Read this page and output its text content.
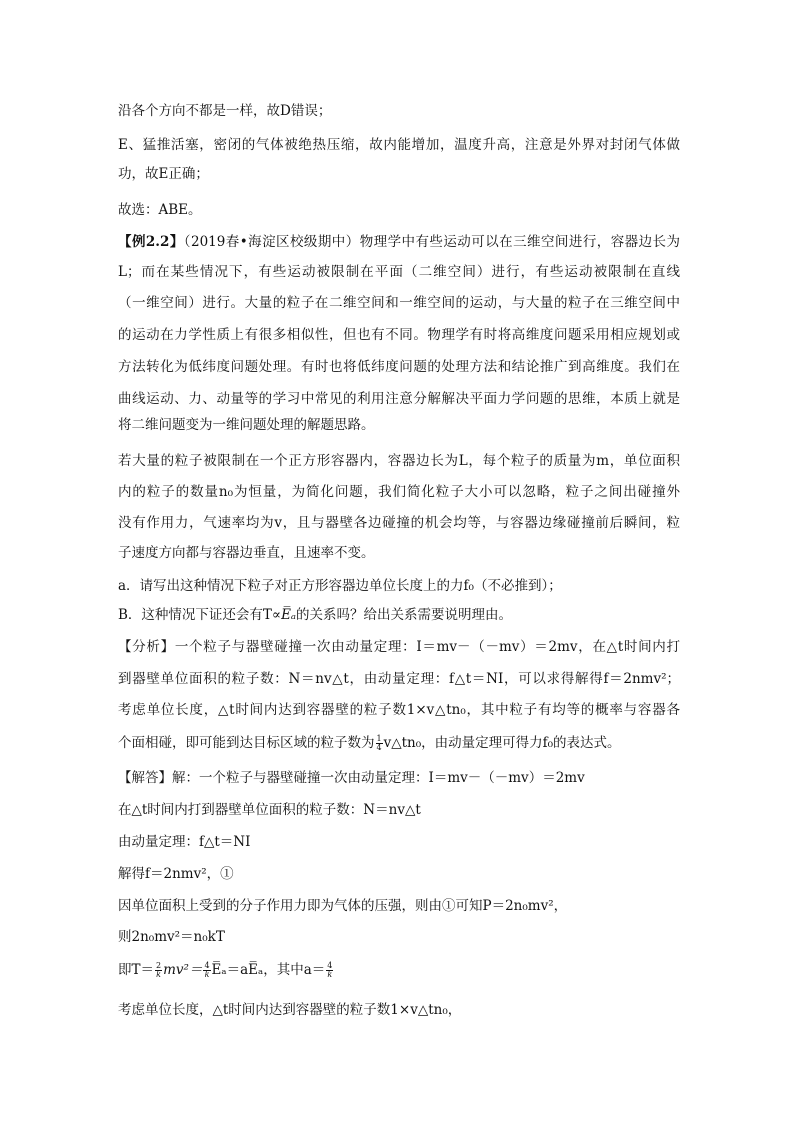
沿各个方向不都是一样，故D错误；
E、猛推活塞，密闭的气体被绝热压缩，故内能增加，温度升高，注意是外界对封闭气体做
功，故E正确；
故选：ABE。
【例2.2】（2019春•海淀区校级期中）物理学中有些运动可以在三维空间进行，容器边长为
L；而在某些情况下，有些运动被限制在平面（二维空间）进行，有些运动被限制在直线
（一维空间）进行。大量的粒子在二维空间和一维空间的运动，与大量的粒子在三维空间中
的运动在力学性质上有很多相似性，但也有不同。物理学有时将高维度问题采用相应规划或
方法转化为低纬度问题处理。有时也将低纬度问题的处理方法和结论推广到高维度。我们在
曲线运动、力、动量等的学习中常见的利用注意分解解决平面力学问题的思维，本质上就是
将二维问题变为一维问题处理的解题思路。
若大量的粒子被限制在一个正方形容器内，容器边长为L，每个粒子的质量为m，单位面积
内的粒子的数量n₀为恒量，为简化问题，我们简化粒子大小可以忽略，粒子之间出碰撞外
没有作用力，气速率均为v，且与器壁各边碰撞的机会均等，与容器边缘碰撞前后瞬间，粒
子速度方向都与容器边垂直，且速率不变。
a．请写出这种情况下粒子对正方形容器边单位长度上的力f₀（不必推到）；
B．这种情况下证还会有T∝E̅ₐ的关系吗？给出关系需要说明理由。
【分析】一个粒子与器壁碰撞一次由动量定理：I＝mv－（－mv）＝2mv，在△t时间内打
到器壁单位面积的粒子数：N＝nv△t，由动量定理：f△t＝NI，可以求得解得f＝2nmv²；
考虑单位长度，△t时间内达到容器壁的粒子数1×v△tn₀，其中粒子有均等的概率与容器各
个面相碰，即可能到达目标区域的粒子数为 $\frac{1}{4}$ v△tn₀，由动量定理可得力f₀的表达式。
【解答】解：一个粒子与器壁碰撞一次由动量定理：I＝mv－（－mv）＝2mv
在△t时间内打到器壁单位面积的粒子数：N＝nv△t
由动量定理：f△t＝NI
解得f＝2nmv²，①
因单位面积上受到的分子作用力即为气体的压强，则由①可知P＝2n₀mv²，
则2n₀mv²＝n₀kT
即$T= \frac{2}{k} mv^2= \frac{4}{k}$ E̅ₐ＝aE̅ₐ，其中$a= \frac{4}{k}$
考虑单位长度，△t时间内达到容器壁的粒子数1×v△tn₀，
